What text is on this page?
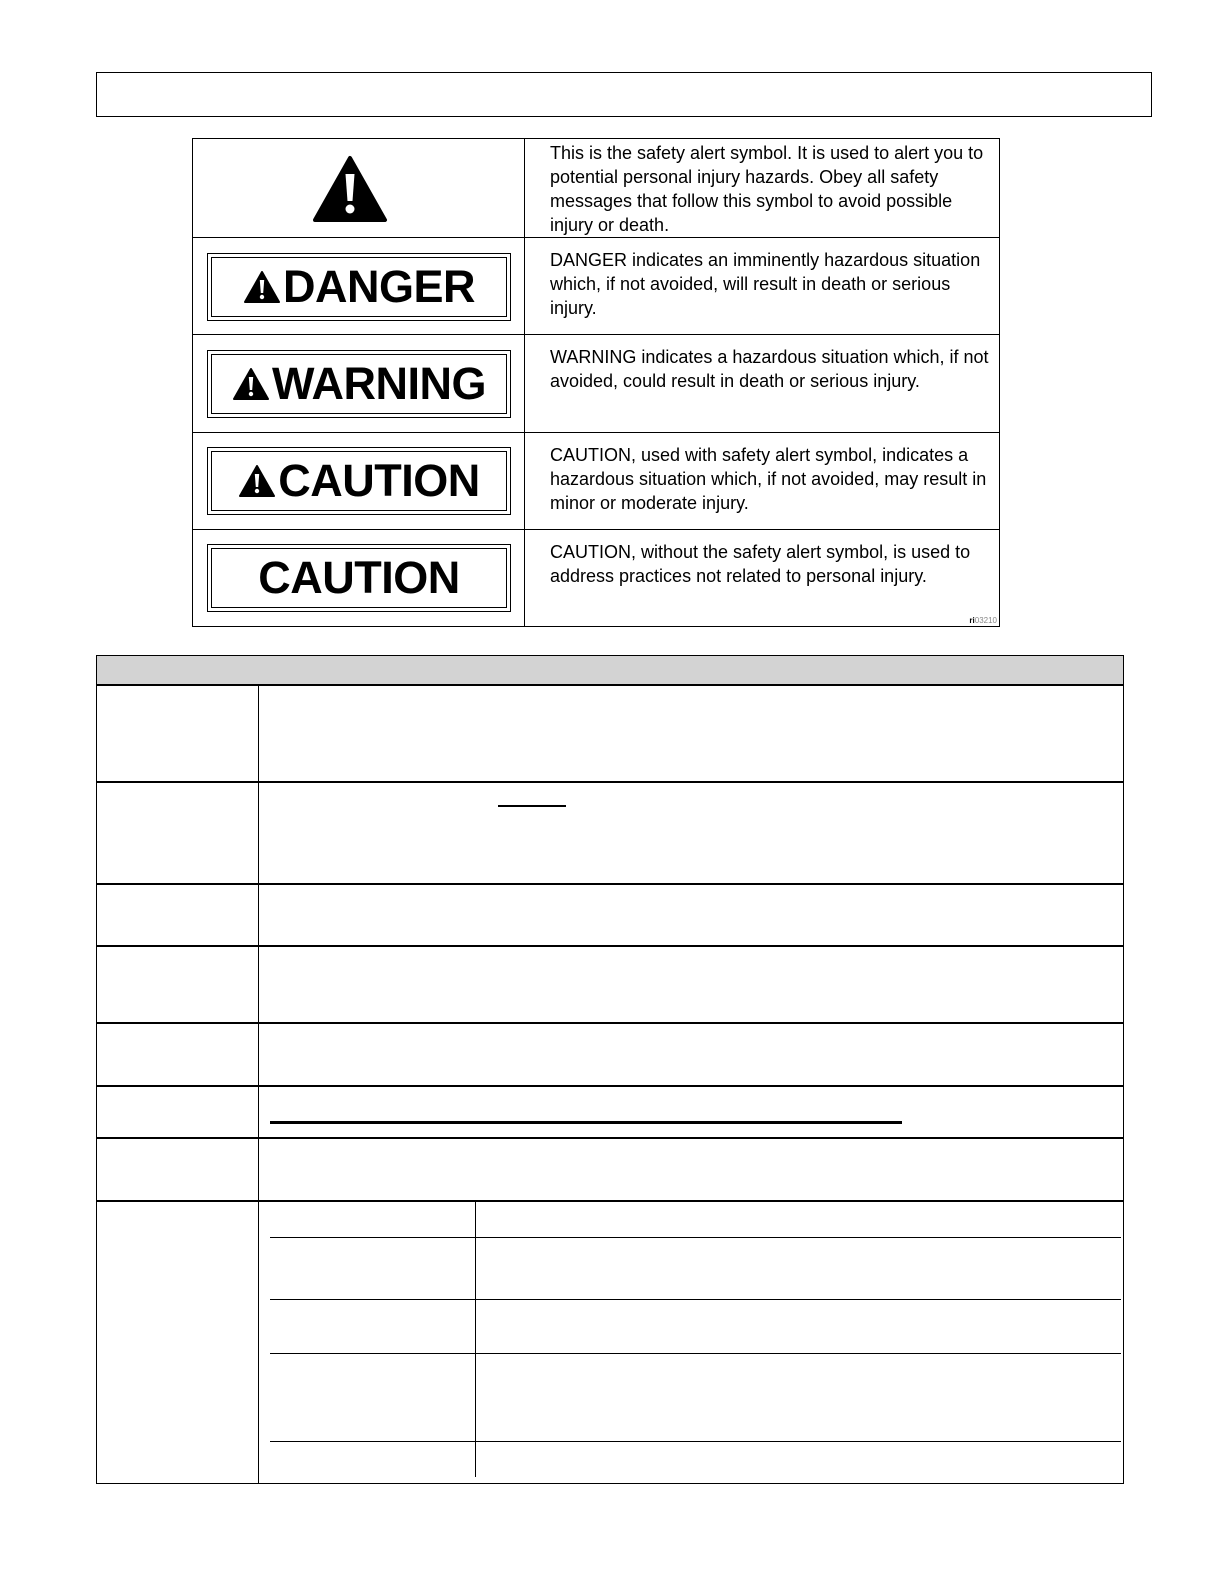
This is the safety alert symbol. It is used to alert you to potential personal injury hazards. Obey all safety messages that follow this symbol to avoid possible injury or death.
DANGER
DANGER indicates an imminently hazardous situation which, if not avoided, will result in death or serious injury.
WARNING
WARNING indicates a hazardous situation which, if not avoided, could result in death or serious injury.
CAUTION	CAUTION, used with safety alert symbol, indicates a hazardous situation which, if not avoided, may result in minor or moderate injury.
CAUTION	CAUTION, without the safety alert symbol, is used to address practices not related to personal injury.
ri03210
